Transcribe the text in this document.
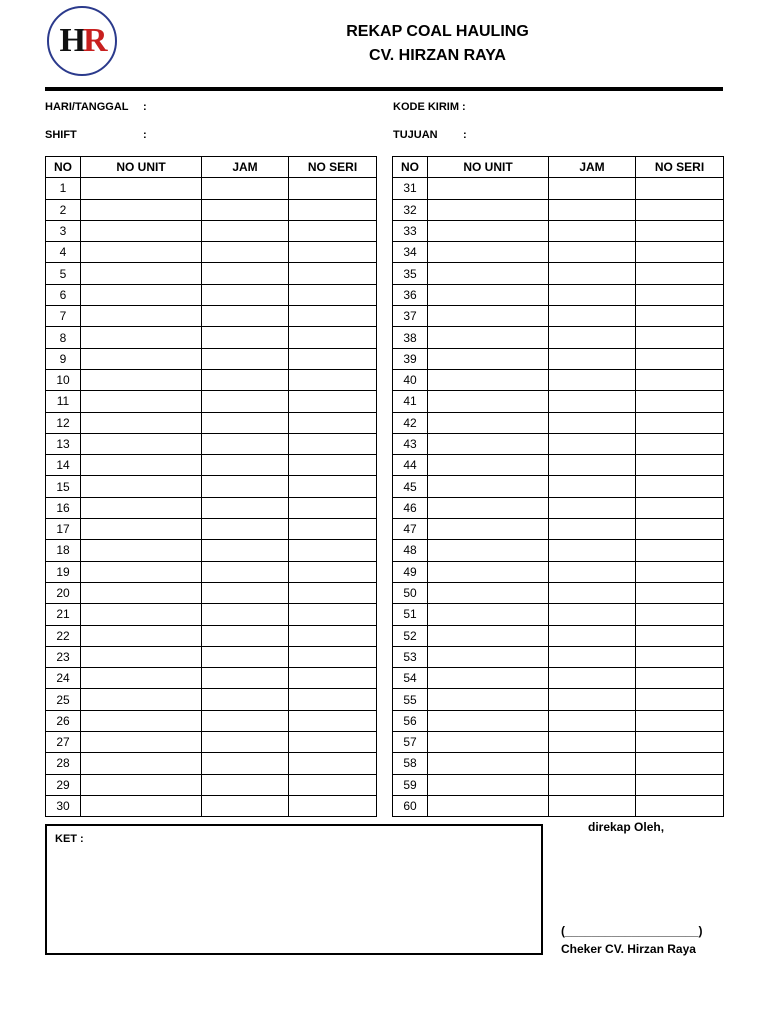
HR	REKAP COAL HAULING
CV. HIRZAN RAYA
HARI/TANGGAL :
SHIFT	:
KODE KIRIM :
TUJUAN :
NO	NO UNIT	JAM	NO SERI
1			
2			
3			
4			
5			
6			
7			
8			
9			
10			
11			
12			
13			
14			
15			
16			
17			
18			
19			
20			
21			
22			
23			
24			
25			
26			
27			
28			
29			
30			
NO	NO UNIT	JAM	NO SERI
31			
32			
33			
34			
35			
36			
37			
38			
39			
40			
41			
42			
43			
44			
45			
46			
47			
48			
49			
50			
51			
52			
53			
54			
55			
56			
57			
58			
59			
60			
KET :
direkap Oleh,
(____________________)
Cheker CV. Hirzan Raya
